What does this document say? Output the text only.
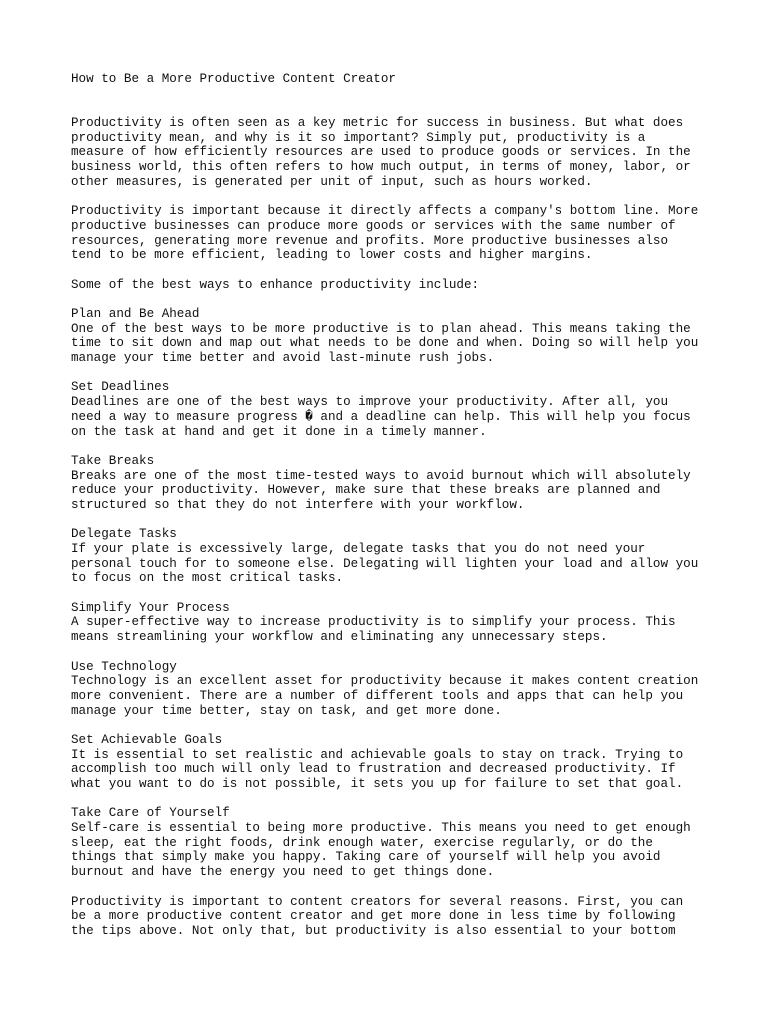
How to Be a More Productive Content Creator
Productivity is often seen as a key metric for success in business. But what does
productivity mean, and why is it so important? Simply put, productivity is a
measure of how efficiently resources are used to produce goods or services. In the
business world, this often refers to how much output, in terms of money, labor, or
other measures, is generated per unit of input, such as hours worked.
Productivity is important because it directly affects a company's bottom line. More
productive businesses can produce more goods or services with the same number of
resources, generating more revenue and profits. More productive businesses also
tend to be more efficient, leading to lower costs and higher margins.
Some of the best ways to enhance productivity include:
Plan and Be Ahead
One of the best ways to be more productive is to plan ahead. This means taking the
time to sit down and map out what needs to be done and when. Doing so will help you
manage your time better and avoid last-minute rush jobs.
Set Deadlines
Deadlines are one of the best ways to improve your productivity. After all, you
need a way to measure progress � and a deadline can help. This will help you focus
on the task at hand and get it done in a timely manner.
Take Breaks
Breaks are one of the most time-tested ways to avoid burnout which will absolutely
reduce your productivity. However, make sure that these breaks are planned and
structured so that they do not interfere with your workflow.
Delegate Tasks
If your plate is excessively large, delegate tasks that you do not need your
personal touch for to someone else. Delegating will lighten your load and allow you
to focus on the most critical tasks.
Simplify Your Process
A super-effective way to increase productivity is to simplify your process. This
means streamlining your workflow and eliminating any unnecessary steps.
Use Technology
Technology is an excellent asset for productivity because it makes content creation
more convenient. There are a number of different tools and apps that can help you
manage your time better, stay on task, and get more done.
Set Achievable Goals
It is essential to set realistic and achievable goals to stay on track. Trying to
accomplish too much will only lead to frustration and decreased productivity. If
what you want to do is not possible, it sets you up for failure to set that goal.
Take Care of Yourself
Self-care is essential to being more productive. This means you need to get enough
sleep, eat the right foods, drink enough water, exercise regularly, or do the
things that simply make you happy. Taking care of yourself will help you avoid
burnout and have the energy you need to get things done.
Productivity is important to content creators for several reasons. First, you can
be a more productive content creator and get more done in less time by following
the tips above. Not only that, but productivity is also essential to your bottom
